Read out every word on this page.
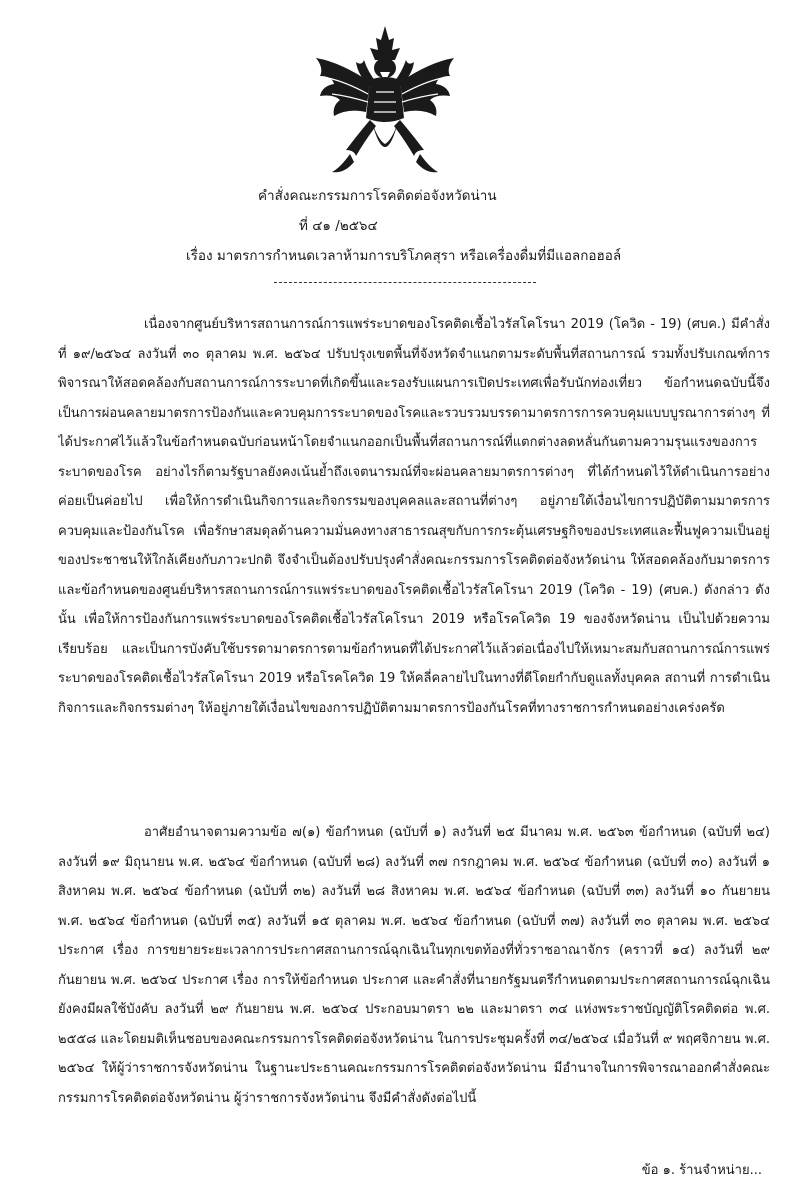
คำสั่งคณะกรรมการโรคติดต่อจังหวัดน่าน
ที่ ๔๑ /๒๕๖๔
เรื่อง มาตรการกำหนดเวลาห้ามการบริโภคสุรา หรือเครื่องดื่มที่มีแอลกอฮอล์

เนื่องจากศูนย์บริหารสถานการณ์การแพร่ระบาดของโรคติดเชื้อไวรัสโคโรนา 2019 (โควิด - 19) (ศบค.) มีคำสั่ง ที่ ๑๙/๒๕๖๔ ลงวันที่ ๓๐ ตุลาคม พ.ศ. ๒๕๖๔ ปรับปรุงเขตพื้นที่จังหวัดจำแนกตามระดับพื้นที่สถานการณ์ รวมทั้งปรับเกณฑ์การพิจารณาให้สอดคล้องกับสถานการณ์การระบาดที่เกิดขึ้นและรองรับแผนการเปิดประเทศเพื่อรับนักท่องเที่ยว ข้อกำหนดฉบับนี้จึงเป็นการผ่อนคลายมาตรการป้องกันและควบคุมการระบาดของโรคและรวบรวมบรรดามาตรการการควบคุมแบบบูรณาการต่างๆ ที่ได้ประกาศไว้แล้วในข้อกำหนดฉบับก่อนหน้าโดยจำแนกออกเป็นพื้นที่สถานการณ์ที่แตกต่างลดหลั่นกันตามความรุนแรงของการระบาดของโรค อย่างไรก็ตามรัฐบาลยังคงเน้นย้ำถึงเจตนารมณ์ที่จะผ่อนคลายมาตรการต่างๆ ที่ได้กำหนดไว้ให้ดำเนินการอย่างค่อยเป็นค่อยไป เพื่อให้การดำเนินกิจการและกิจกรรมของบุคคลและสถานที่ต่างๆ อยู่ภายใต้เงื่อนไขการปฏิบัติตามมาตรการควบคุมและป้องกันโรค เพื่อรักษาสมดุลด้านความมั่นคงทางสาธารณสุขกับการกระตุ้นเศรษฐกิจของประเทศและฟื้นฟูความเป็นอยู่ของประชาชนให้ใกล้เคียงกับภาวะปกติ จึงจำเป็นต้องปรับปรุงคำสั่งคณะกรรมการโรคติดต่อจังหวัดน่าน ให้สอดคล้องกับมาตรการและข้อกำหนดของศูนย์บริหารสถานการณ์การแพร่ระบาดของโรคติดเชื้อไวรัสโคโรนา 2019 (โควิด - 19) (ศบค.) ดังกล่าว ดังนั้น เพื่อให้การป้องกันการแพร่ระบาดของโรคติดเชื้อไวรัสโคโรนา 2019 หรือโรคโควิด 19 ของจังหวัดน่าน เป็นไปด้วยความเรียบร้อย และเป็นการบังคับใช้บรรดามาตรการตามข้อกำหนดที่ได้ประกาศไว้แล้วต่อเนื่องไปให้เหมาะสมกับสถานการณ์การแพร่ระบาดของโรคติดเชื้อไวรัสโคโรนา 2019 หรือโรคโควิด 19 ให้คลี่คลายไปในทางที่ดีโดยกำกับดูแลทั้งบุคคล สถานที่ การดำเนินกิจการและกิจกรรมต่างๆ ให้อยู่ภายใต้เงื่อนไขของการปฏิบัติตามมาตรการป้องกันโรคที่ทางราชการกำหนดอย่างเคร่งครัด

อาศัยอำนาจตามความข้อ ๗(๑) ข้อกำหนด (ฉบับที่ ๑) ลงวันที่ ๒๕ มีนาคม พ.ศ. ๒๕๖๓ ข้อกำหนด (ฉบับที่ ๒๔) ลงวันที่ ๑๙ มิถุนายน พ.ศ. ๒๕๖๔ ข้อกำหนด (ฉบับที่ ๒๘) ลงวันที่ ๓๗ กรกฎาคม พ.ศ. ๒๕๖๔ ข้อกำหนด (ฉบับที่ ๓๐) ลงวันที่ ๑ สิงหาคม พ.ศ. ๒๕๖๔ ข้อกำหนด (ฉบับที่ ๓๒) ลงวันที่ ๒๘ สิงหาคม พ.ศ. ๒๕๖๔ ข้อกำหนด (ฉบับที่ ๓๓) ลงวันที่ ๑๐ กันยายน พ.ศ. ๒๕๖๔ ข้อกำหนด (ฉบับที่ ๓๕) ลงวันที่ ๑๕ ตุลาคม พ.ศ. ๒๕๖๔ ข้อกำหนด (ฉบับที่ ๓๗) ลงวันที่ ๓๐ ตุลาคม พ.ศ. ๒๕๖๔ ประกาศ เรื่อง การขยายระยะเวลาการประกาศสถานการณ์ฉุกเฉินในทุกเขตท้องที่ทั่วราชอาณาจักร (คราวที่ ๑๔) ลงวันที่ ๒๙ กันยายน พ.ศ. ๒๕๖๔ ประกาศ เรื่อง การให้ข้อกำหนด ประกาศ และคำสั่งที่นายกรัฐมนตรีกำหนดตามประกาศสถานการณ์ฉุกเฉินยังคงมีผลใช้บังคับ ลงวันที่ ๒๙ กันยายน พ.ศ. ๒๕๖๔ ประกอบมาตรา ๒๒ และมาตรา ๓๔ แห่งพระราชบัญญัติโรคติดต่อ พ.ศ. ๒๕๕๘ และโดยมติเห็นชอบของคณะกรรมการโรคติดต่อจังหวัดน่าน ในการประชุมครั้งที่ ๓๔/๒๕๖๔ เมื่อวันที่ ๙ พฤศจิกายน พ.ศ. ๒๕๖๔ ให้ผู้ว่าราชการจังหวัดน่าน ในฐานะประธานคณะกรรมการโรคติดต่อจังหวัดน่าน มีอำนาจในการพิจารณาออกคำสั่งคณะกรรมการโรคติดต่อจังหวัดน่าน ผู้ว่าราชการจังหวัดน่าน จึงมีคำสั่งดังต่อไปนี้

ข้อ ๑. ร้านจำหน่าย...
